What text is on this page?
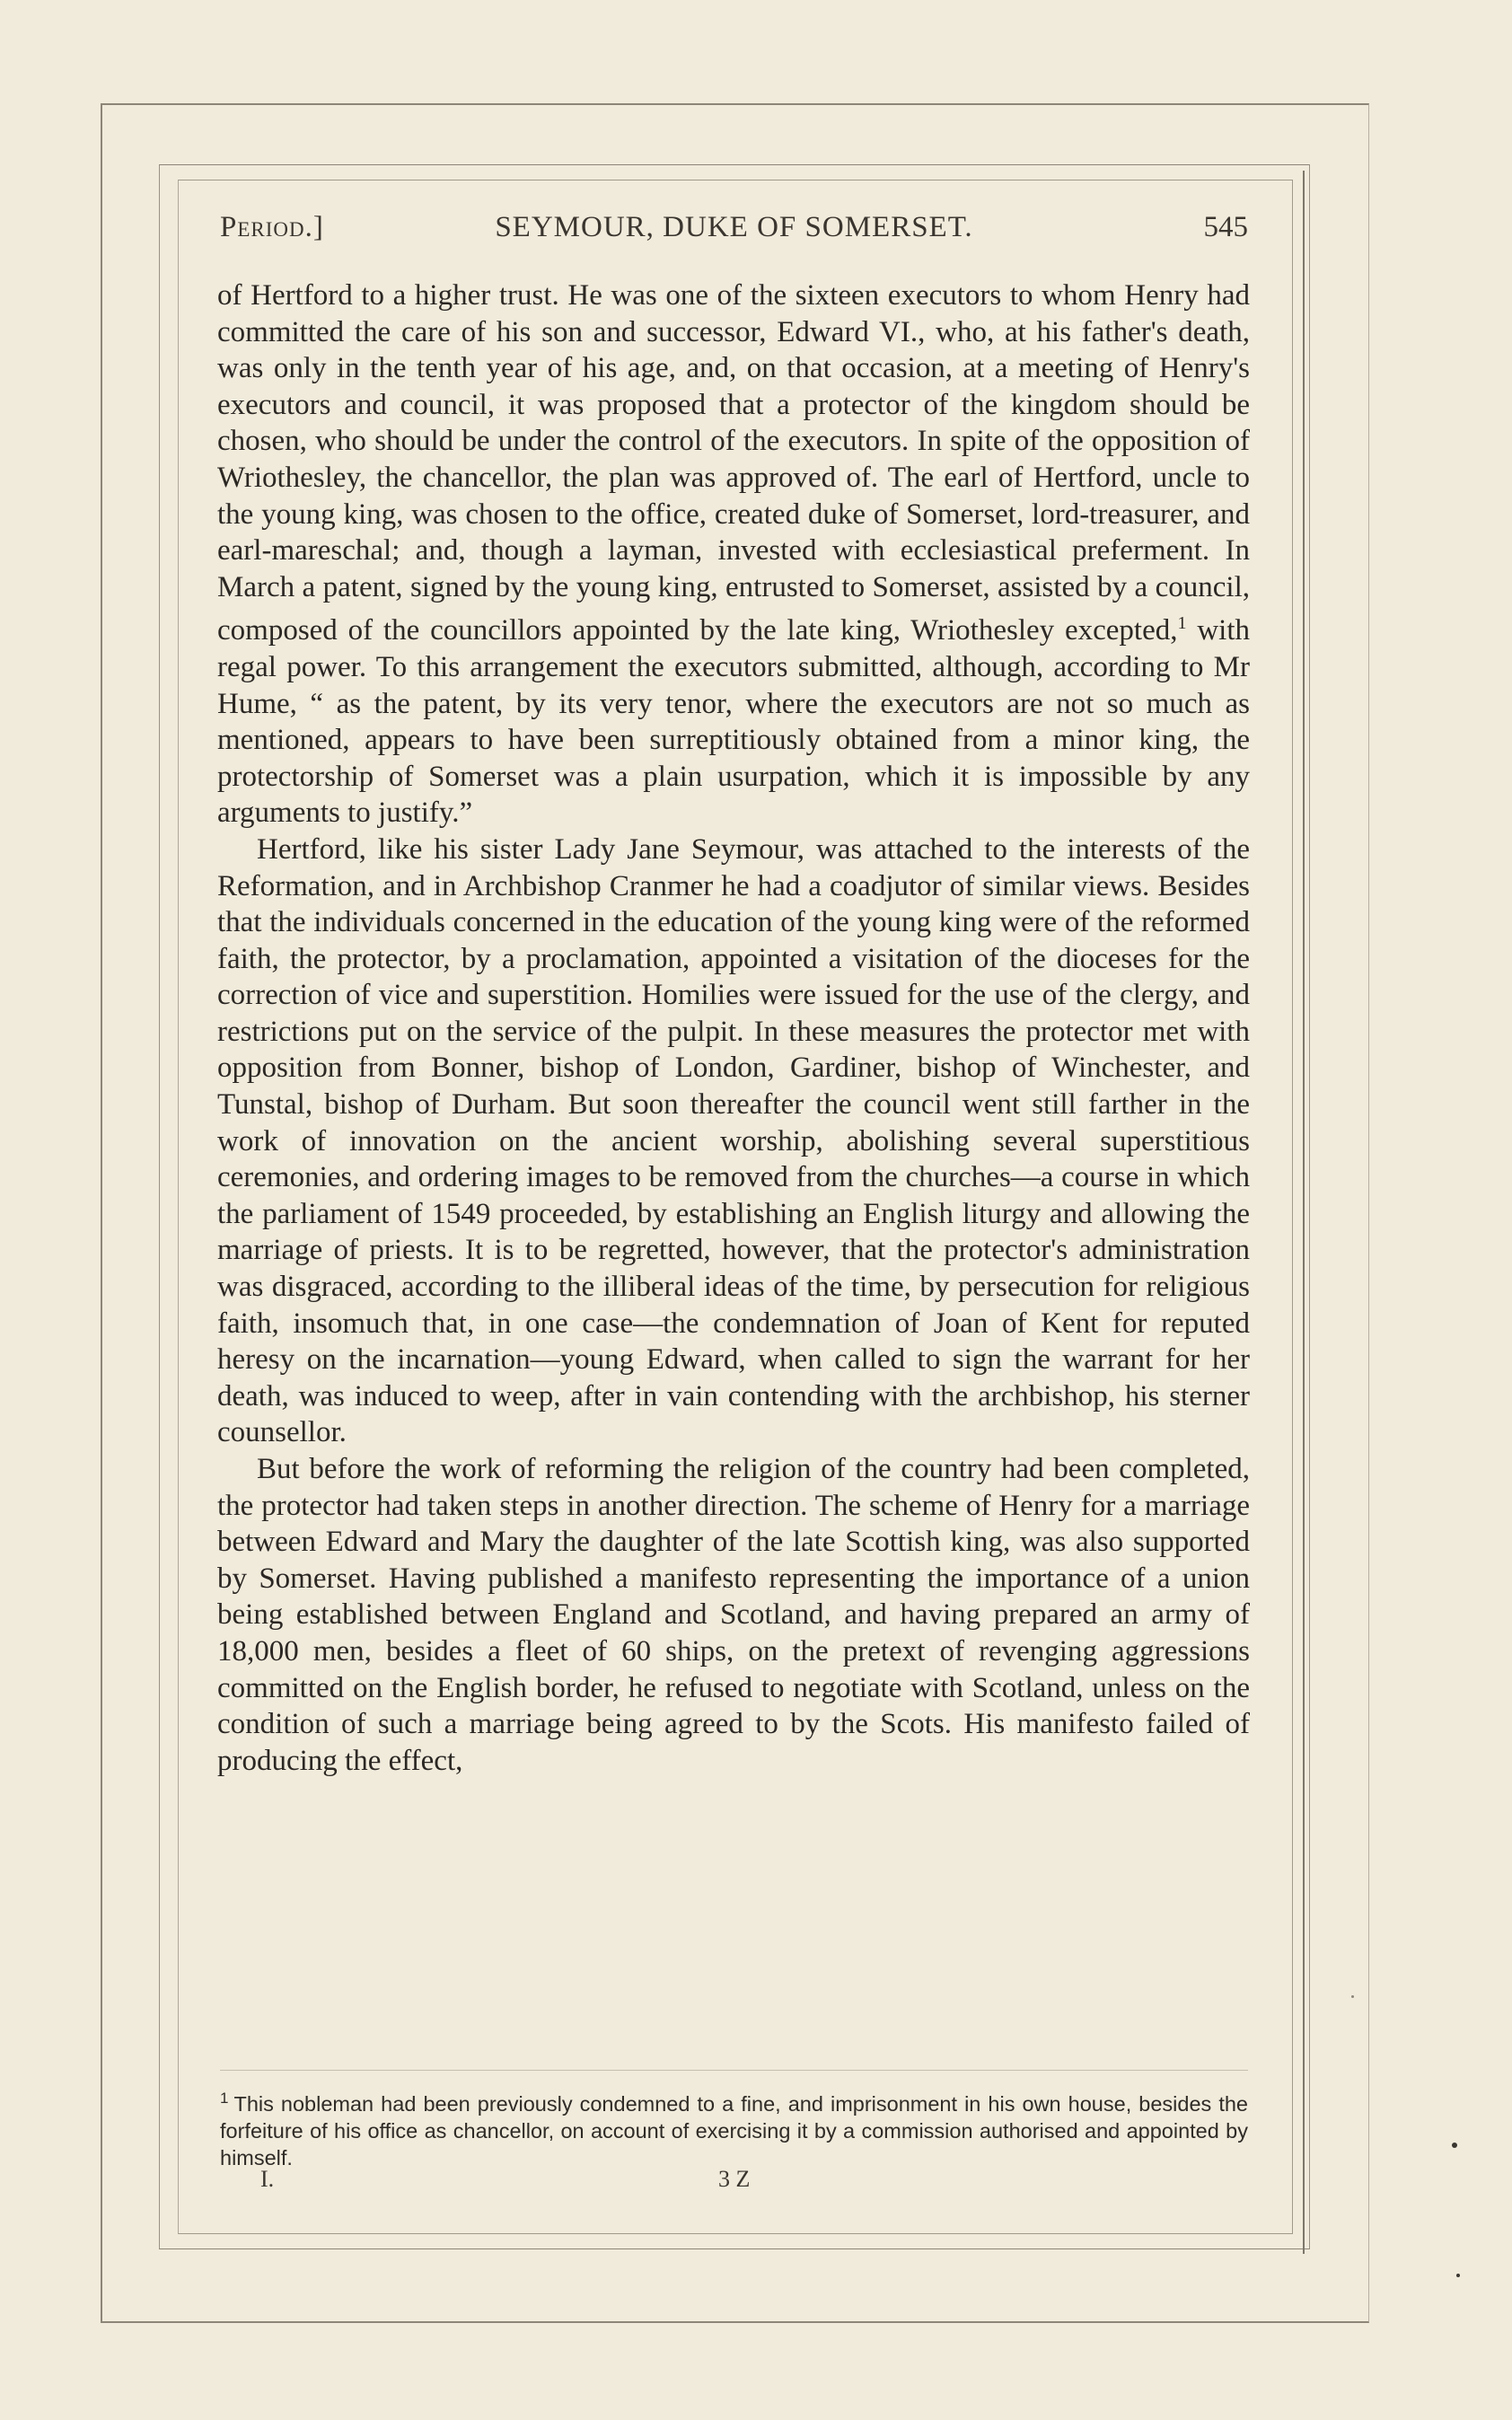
Period.]	SEYMOUR, DUKE OF SOMERSET.	545

of Hertford to a higher trust. He was one of the sixteen executors to whom Henry had committed the care of his son and successor, Edward VI., who, at his father's death, was only in the tenth year of his age, and, on that occasion, at a meeting of Henry's executors and council, it was proposed that a protector of the kingdom should be chosen, who should be under the control of the executors. In spite of the opposition of Wriothesley, the chancellor, the plan was approved of. The earl of Hertford, uncle to the young king, was chosen to the office, created duke of Somerset, lord-treasurer, and earl-mareschal; and, though a layman, invested with ecclesiastical preferment. In March a patent, signed by the young king, entrusted to Somerset, assisted by a council, composed of the councillors appointed by the late king, Wriothesley excepted,$^1$ with regal power. To this arrangement the executors submitted, although, according to Mr Hume, “ as the patent, by its very tenor, where the executors are not so much as mentioned, appears to have been surreptitiously obtained from a minor king, the protectorship of Somerset was a plain usurpation, which it is impossible by any arguments to justify.”

Hertford, like his sister Lady Jane Seymour, was attached to the interests of the Reformation, and in Archbishop Cranmer he had a coadjutor of similar views. Besides that the individuals concerned in the education of the young king were of the reformed faith, the protector, by a proclamation, appointed a visitation of the dioceses for the correction of vice and superstition. Homilies were issued for the use of the clergy, and restrictions put on the service of the pulpit. In these measures the protector met with opposition from Bonner, bishop of London, Gardiner, bishop of Winchester, and Tunstal, bishop of Durham. But soon thereafter the council went still farther in the work of innovation on the ancient worship, abolishing several superstitious ceremonies, and ordering images to be removed from the churches—a course in which the parliament of 1549 proceeded, by establishing an English liturgy and allowing the marriage of priests. It is to be regretted, however, that the protector's administration was disgraced, according to the illiberal ideas of the time, by persecution for religious faith, insomuch that, in one case—the condemnation of Joan of Kent for reputed heresy on the incarnation—young Edward, when called to sign the warrant for her death, was induced to weep, after in vain contending with the archbishop, his sterner counsellor.

But before the work of reforming the religion of the country had been completed, the protector had taken steps in another direction. The scheme of Henry for a marriage between Edward and Mary the daughter of the late Scottish king, was also supported by Somerset. Having published a manifesto representing the importance of a union being established between England and Scotland, and having prepared an army of 18,000 men, besides a fleet of 60 ships, on the pretext of revenging aggressions committed on the English border, he refused to negotiate with Scotland, unless on the condition of such a marriage being agreed to by the Scots. His manifesto failed of producing the effect,

$^1$ This nobleman had been previously condemned to a fine, and imprisonment in his own house, besides the forfeiture of his office as chancellor, on account of exercising it by a commission authorised and appointed by himself.
I.	3 Z
